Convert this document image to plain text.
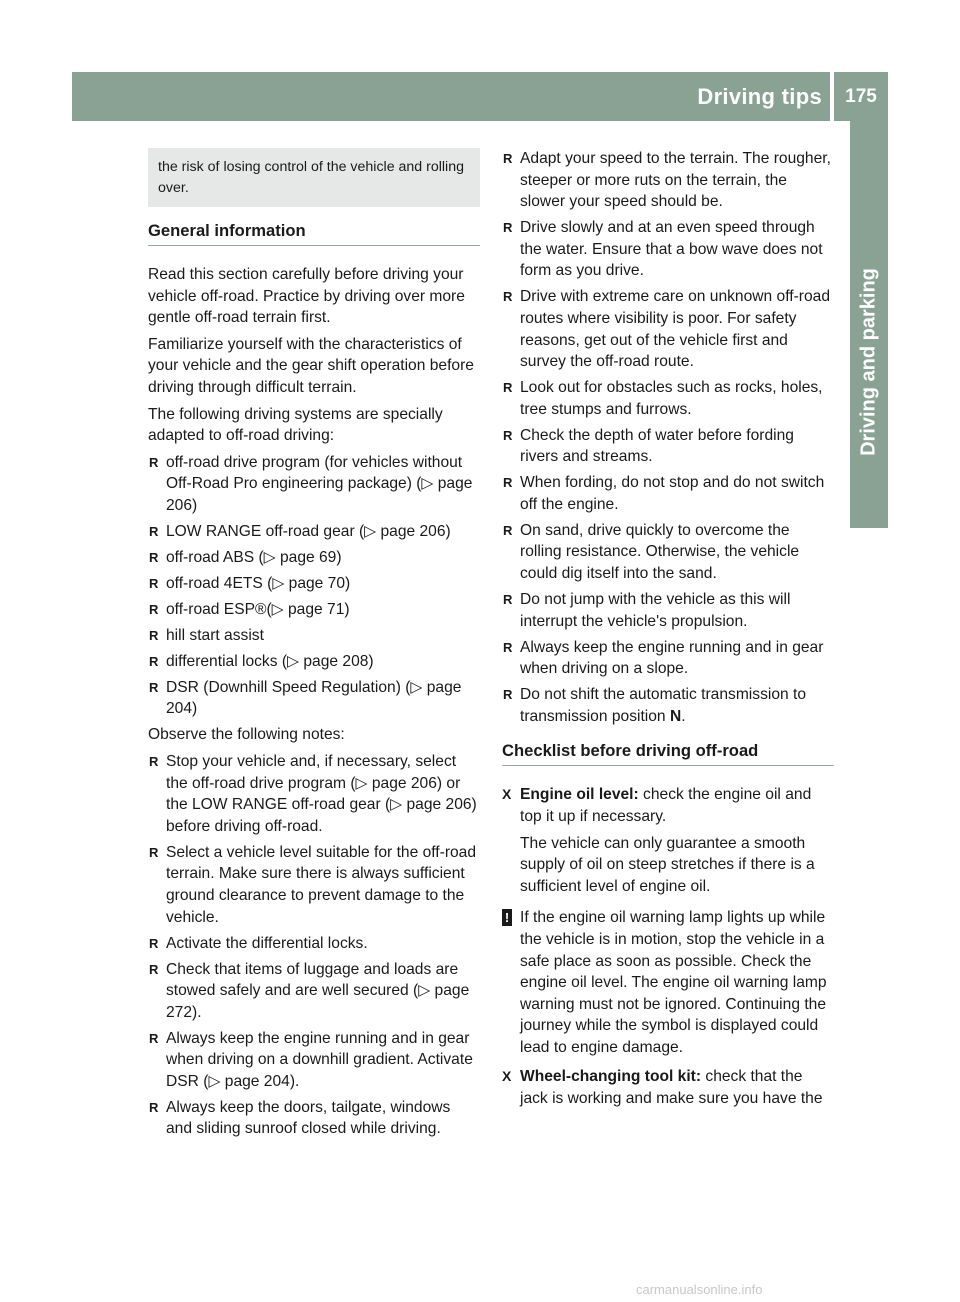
Driving tips	175
Driving and parking
the risk of losing control of the vehicle and rolling over.
General information

Read this section carefully before driving your vehicle off-road. Practice by driving over more gentle off-road terrain first.

Familiarize yourself with the characteristics of your vehicle and the gear shift operation before driving through difficult terrain.

The following driving systems are specially adapted to off-road driving:

R off-road drive program (for vehicles without Off-Road Pro engineering package) (▷ page 206)
R LOW RANGE off-road gear (▷ page 206)
R off-road ABS (▷ page 69)
R off-road 4ETS (▷ page 70)
R off-road ESP®(▷ page 71)
R hill start assist
R differential locks (▷ page 208)
R DSR (Downhill Speed Regulation) (▷ page 204)

Observe the following notes:

R Stop your vehicle and, if necessary, select the off-road drive program (▷ page 206) or the LOW RANGE off-road gear (▷ page 206) before driving off-road.
R Select a vehicle level suitable for the off-road terrain. Make sure there is always sufficient ground clearance to prevent damage to the vehicle.
R Activate the differential locks.
R Check that items of luggage and loads are stowed safely and are well secured (▷ page 272).
R Always keep the engine running and in gear when driving on a downhill gradient. Activate DSR (▷ page 204).
R Always keep the doors, tailgate, windows and sliding sunroof closed while driving.
R Adapt your speed to the terrain. The rougher, steeper or more ruts on the terrain, the slower your speed should be.
R Drive slowly and at an even speed through the water. Ensure that a bow wave does not form as you drive.
R Drive with extreme care on unknown off-road routes where visibility is poor. For safety reasons, get out of the vehicle first and survey the off-road route.
R Look out for obstacles such as rocks, holes, tree stumps and furrows.
R Check the depth of water before fording rivers and streams.
R When fording, do not stop and do not switch off the engine.
R On sand, drive quickly to overcome the rolling resistance. Otherwise, the vehicle could dig itself into the sand.
R Do not jump with the vehicle as this will interrupt the vehicle's propulsion.
R Always keep the engine running and in gear when driving on a slope.
R Do not shift the automatic transmission to transmission position N.
Checklist before driving off-road
X Engine oil level: check the engine oil and top it up if necessary.

The vehicle can only guarantee a smooth supply of oil on steep stretches if there is a sufficient level of engine oil.

! If the engine oil warning lamp lights up while the vehicle is in motion, stop the vehicle in a safe place as soon as possible. Check the engine oil level. The engine oil warning lamp warning must not be ignored. Continuing the journey while the symbol is displayed could lead to engine damage.
X Wheel-changing tool kit: check that the jack is working and make sure you have the
carmanualsonline.info
